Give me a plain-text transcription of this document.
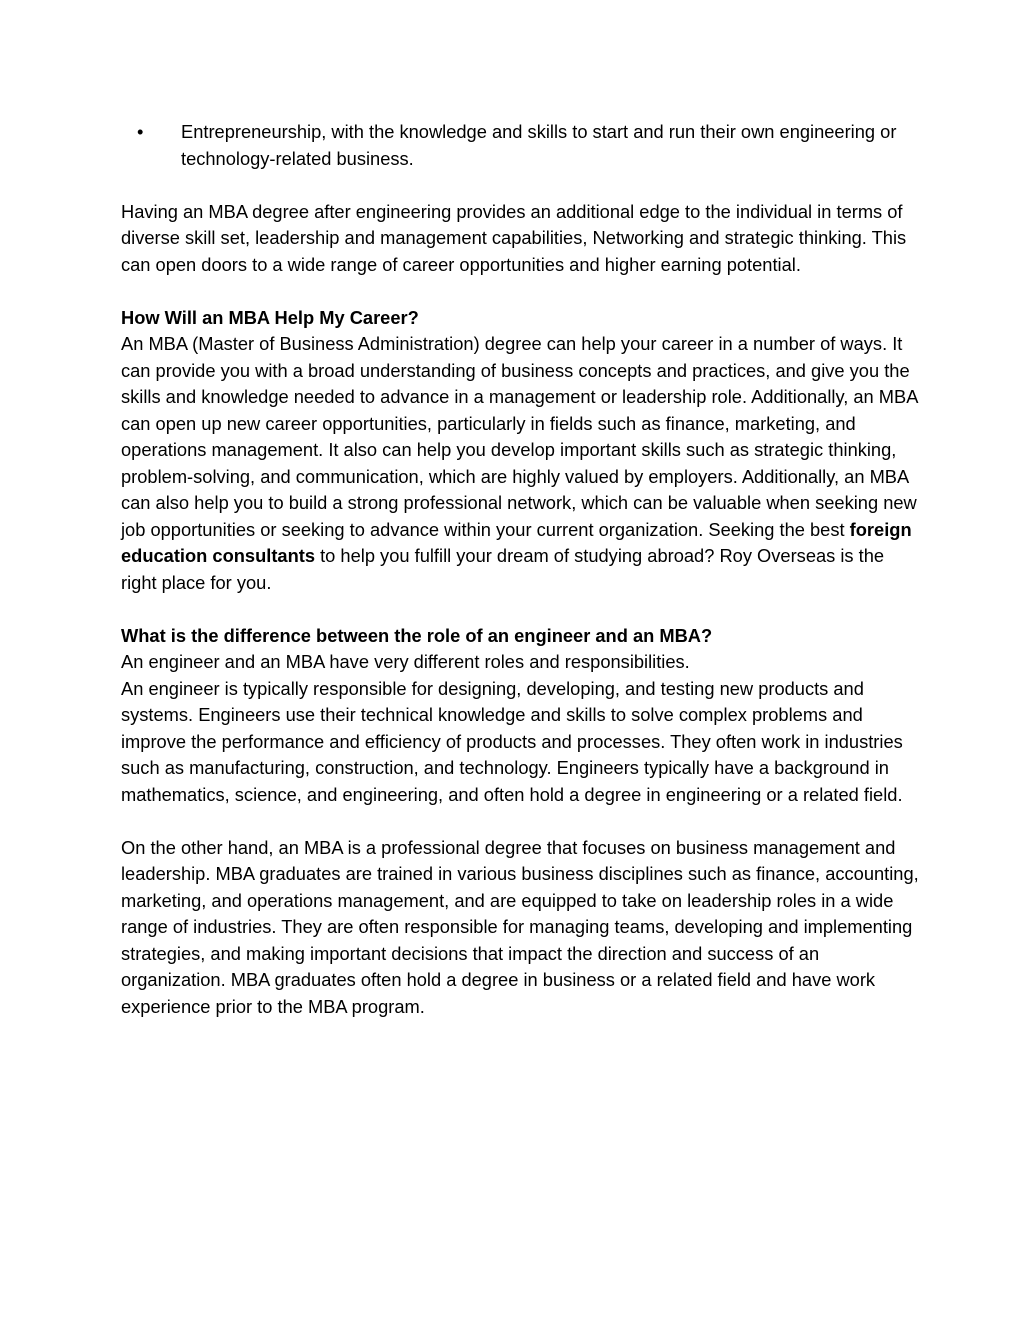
• Entrepreneurship, with the knowledge and skills to start and run their own engineering or technology-related business.

Having an MBA degree after engineering provides an additional edge to the individual in terms of diverse skill set, leadership and management capabilities, Networking and strategic thinking. This can open doors to a wide range of career opportunities and higher earning potential.

How Will an MBA Help My Career?

An MBA (Master of Business Administration) degree can help your career in a number of ways. It can provide you with a broad understanding of business concepts and practices, and give you the skills and knowledge needed to advance in a management or leadership role. Additionally, an MBA can open up new career opportunities, particularly in fields such as finance, marketing, and operations management. It also can help you develop important skills such as strategic thinking, problem-solving, and communication, which are highly valued by employers. Additionally, an MBA can also help you to build a strong professional network, which can be valuable when seeking new job opportunities or seeking to advance within your current organization. Seeking the best foreign education consultants to help you fulfill your dream of studying abroad? Roy Overseas is the right place for you.

What is the difference between the role of an engineer and an MBA?

An engineer and an MBA have very different roles and responsibilities.

An engineer is typically responsible for designing, developing, and testing new products and systems. Engineers use their technical knowledge and skills to solve complex problems and improve the performance and efficiency of products and processes. They often work in industries such as manufacturing, construction, and technology. Engineers typically have a background in mathematics, science, and engineering, and often hold a degree in engineering or a related field.

On the other hand, an MBA is a professional degree that focuses on business management and leadership. MBA graduates are trained in various business disciplines such as finance, accounting, marketing, and operations management, and are equipped to take on leadership roles in a wide range of industries. They are often responsible for managing teams, developing and implementing strategies, and making important decisions that impact the direction and success of an organization. MBA graduates often hold a degree in business or a related field and have work experience prior to the MBA program.
